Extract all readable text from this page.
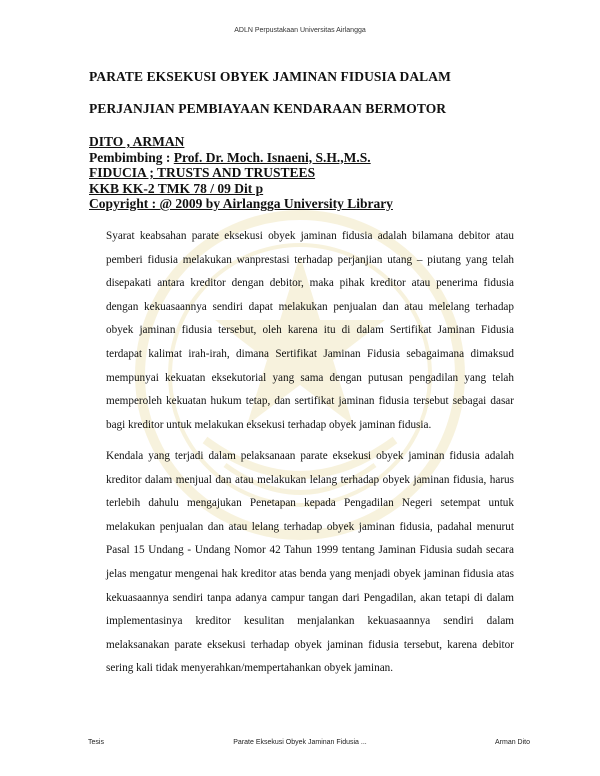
ADLN Perpustakaan Universitas Airlangga
PARATE EKSEKUSI OBYEK JAMINAN FIDUSIA DALAM
PERJANJIAN PEMBIAYAAN KENDARAAN BERMOTOR
DITO , ARMAN
Pembimbing : Prof. Dr. Moch. Isnaeni, S.H.,M.S.
FIDUCIA ; TRUSTS AND TRUSTEES
KKB KK-2 TMK 78 / 09 Dit p
Copyright : @ 2009 by Airlangga University Library
Syarat keabsahan parate eksekusi obyek jaminan fidusia adalah bilamana debitor atau pemberi fidusia melakukan wanprestasi terhadap perjanjian utang – piutang yang telah disepakati antara kreditor dengan debitor, maka pihak kreditor atau penerima fidusia dengan kekuasaannya sendiri dapat melakukan penjualan dan atau melelang terhadap obyek jaminan fidusia tersebut, oleh karena itu di dalam Sertifikat Jaminan Fidusia terdapat kalimat irah-irah, dimana Sertifikat Jaminan Fidusia sebagaimana dimaksud mempunyai kekuatan eksekutorial yang sama dengan putusan pengadilan yang telah memperoleh kekuatan hukum tetap, dan sertifikat jaminan fidusia tersebut sebagai dasar bagi kreditor untuk melakukan eksekusi terhadap obyek jaminan fidusia.
Kendala yang terjadi dalam pelaksanaan parate eksekusi obyek jaminan fidusia adalah kreditor dalam menjual dan atau melakukan lelang terhadap obyek jaminan fidusia, harus terlebih dahulu mengajukan Penetapan kepada Pengadilan Negeri setempat untuk melakukan penjualan dan atau lelang terhadap obyek jaminan fidusia, padahal menurut Pasal 15 Undang - Undang Nomor 42 Tahun 1999 tentang Jaminan Fidusia sudah secara jelas mengatur mengenai hak kreditor atas benda yang menjadi obyek jaminan fidusia atas kekuasaannya sendiri tanpa adanya campur tangan dari Pengadilan, akan tetapi di dalam implementasinya kreditor kesulitan menjalankan kekuasaannya sendiri dalam melaksanakan parate eksekusi terhadap obyek jaminan fidusia tersebut, karena debitor sering kali tidak menyerahkan/mempertahankan obyek jaminan.
Tesis	Parate Eksekusi Obyek Jaminan Fidusia ...	Arman Dito
